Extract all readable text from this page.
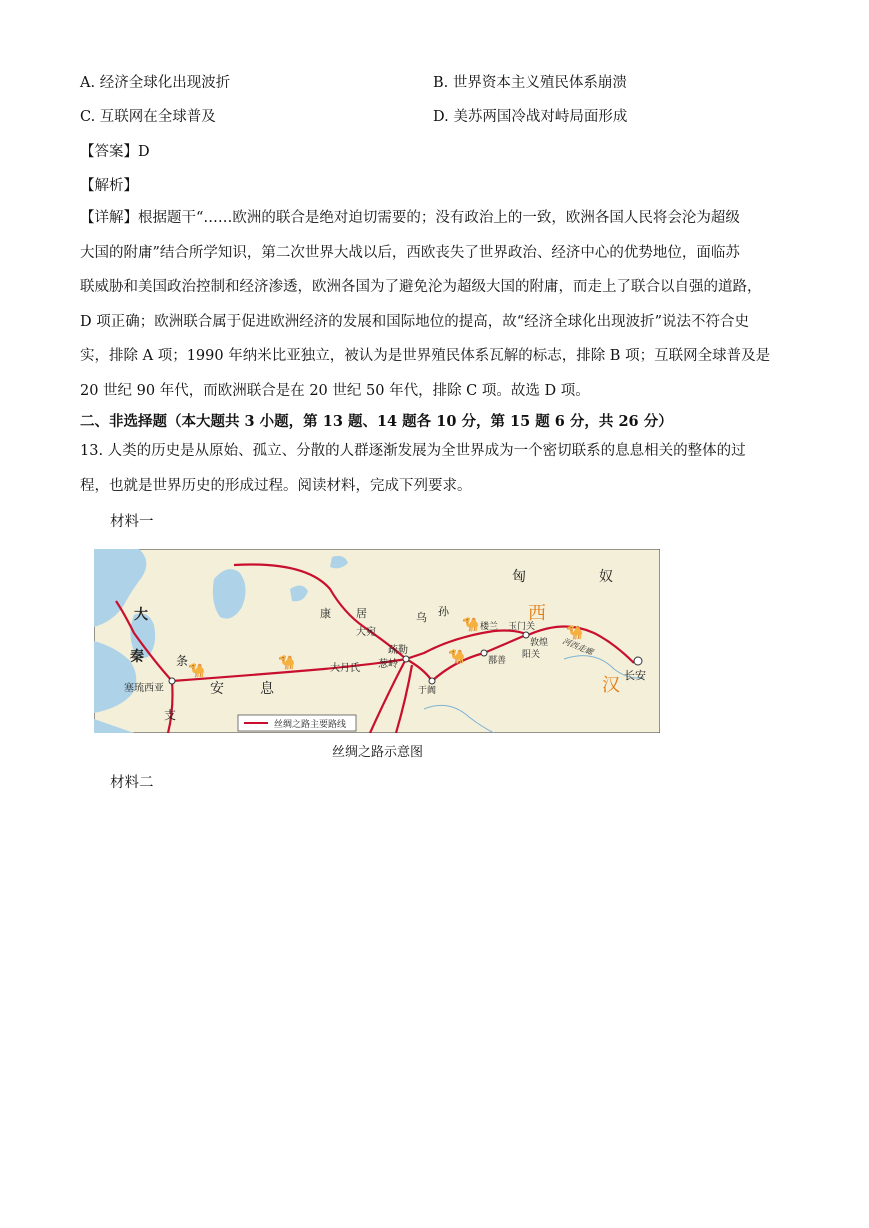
A. 经济全球化出现波折	B. 世界资本主义殖民体系崩溃
C. 互联网在全球普及	D. 美苏两国冷战对峙局面形成
【答案】D
【解析】
【详解】根据题干“……欧洲的联合是绝对迫切需要的；没有政治上的一致，欧洲各国人民将会沦为超级
大国的附庸”结合所学知识，第二次世界大战以后，西欧丧失了世界政治、经济中心的优势地位，面临苏
联威胁和美国政治控制和经济渗透，欧洲各国为了避免沦为超级大国的附庸，而走上了联合以自强的道路，
D 项正确；欧洲联合属于促进欧洲经济的发展和国际地位的提高，故“经济全球化出现波折”说法不符合史
实，排除 A 项；1990 年纳米比亚独立，被认为是世界殖民体系瓦解的标志，排除 B 项；互联网全球普及是
20 世纪 90 年代，而欧洲联合是在 20 世纪 50 年代，排除 C 项。故选 D 项。
二、非选择题（本大题共 3 小题，第 13 题、14 题各 10 分，第 15 题 6 分，共 26 分）
13. 人类的历史是从原始、孤立、分散的人群逐渐发展为全世界成为一个密切联系的息息相关的整体的过
程，也就是世界历史的形成过程。阅读材料，完成下列要求。
材料一
🐪	🐪	🐪
🐪	🐪
匈	奴
西
汉
大
秦	条
支
安	息
康 居	乌 孙
大宛
疏勒
葱岭
大月氏
楼兰 玉门关
敦煌
阳关
鄯善
于阗
河西走廊
长安
塞琉西亚
丝绸之路主要路线
丝绸之路示意图
材料二
